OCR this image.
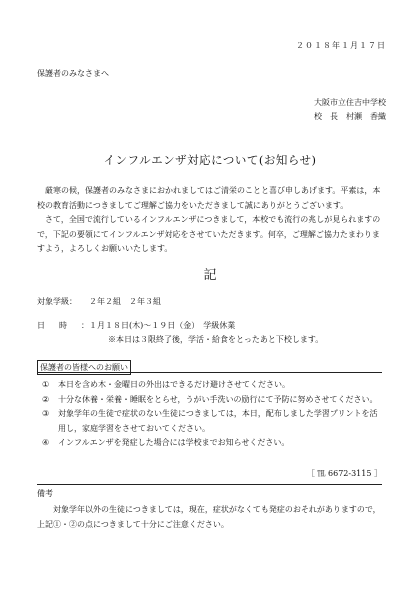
２０１８年１月１７日
保護者のみなさまへ
大阪市立住吉中学校
校　長　村瀬　香織
インフルエンザ対応について(お知らせ)

厳寒の候，保護者のみなさまにおかれましてはご清栄のことと喜び申しあげます。平素は，本校の教育活動につきましてご理解ご協力をいただきまして誠にありがとうございます。

さて，全国で流行しているインフルエンザにつきまして，本校でも流行の兆しが見られますので，下記の要領にてインフルエンザ対応をさせていただきます。何卒，ご理解ご協力たまわりますよう，よろしくお願いいたします。

記
対象学級： ２年２組　２年３組
日時：１月１８日(木)～１９日（金）　学級休業
※本日は３限終了後，学活・給食をとったあと下校します。
保護者の皆様へのお願い
① 本日を含め木・金曜日の外出はできるだけ避けさせてください。
② 十分な休養・栄養・睡眠をとらせ，うがい手洗いの励行にて予防に努めさせてください。
③ 対象学年の生徒で症状のない生徒につきましては，本日，配布しました学習プリントを活用し，家庭学習をさせておいてください。
④ インフルエンザを発症した場合には学校までお知らせください。
［ ℡ 6672-3115 ］
備考

対象学年以外の生徒につきましては，現在，症状がなくても発症のおそれがありますので，上記①・②の点につきまして十分にご注意ください。
